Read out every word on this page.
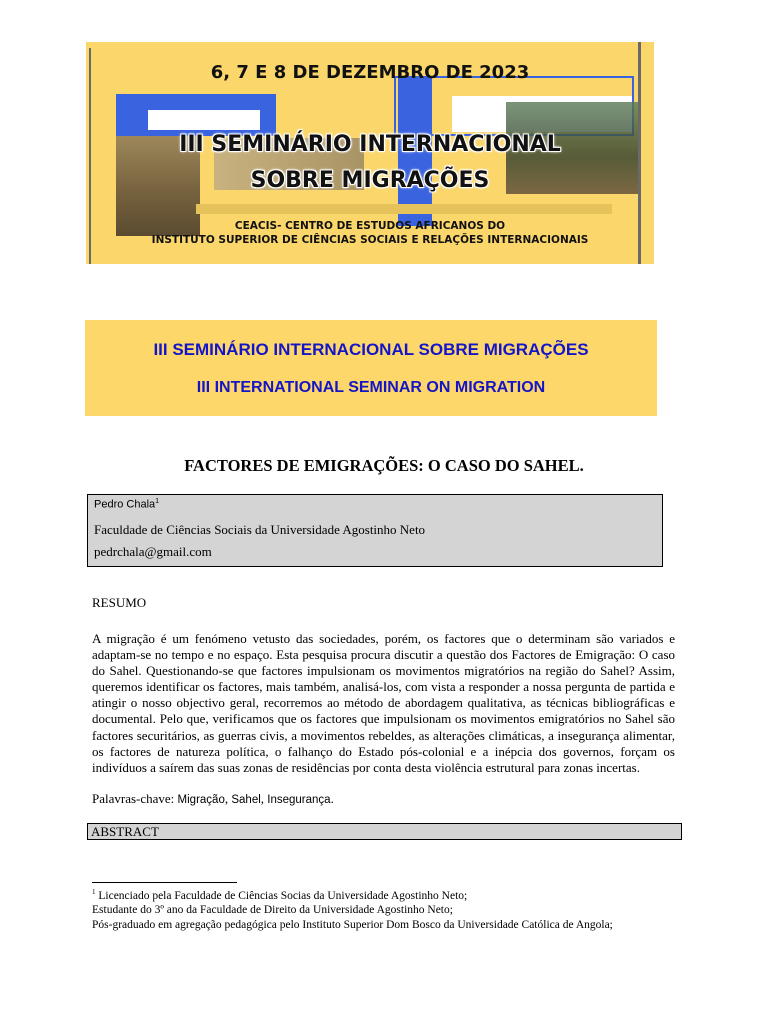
6, 7 E 8 DE DEZEMBRO DE 2023
III SEMINÁRIO INTERNACIONAL
SOBRE MIGRAÇÕES
CEACIS- CENTRO DE ESTUDOS AFRICANOS DO
INSTITUTO SUPERIOR DE CIÊNCIAS SOCIAIS E RELAÇÕES INTERNACIONAIS
III SEMINÁRIO INTERNACIONAL SOBRE MIGRAÇÕES
III INTERNATIONAL SEMINAR ON MIGRATION
FACTORES DE EMIGRAÇÕES: O CASO DO SAHEL.
Pedro Chala$^1$
Faculdade de Ciências Sociais da Universidade Agostinho Neto
pedrchala@gmail.com
RESUMO
A migração é um fenómeno vetusto das sociedades, porém, os factores que o determinam são variados e adaptam-se no tempo e no espaço. Esta pesquisa procura discutir a questão dos Factores de Emigração: O caso do Sahel. Questionando-se que factores impulsionam os movimentos migratórios na região do Sahel? Assim, queremos identificar os factores, mais também, analisá-los, com vista a responder a nossa pergunta de partida e atingir o nosso objectivo geral, recorremos ao método de abordagem qualitativa, as técnicas bibliográficas e documental. Pelo que, verificamos que os factores que impulsionam os movimentos emigratórios no Sahel são factores securitários, as guerras civis, a movimentos rebeldes, as alterações climáticas, a insegurança alimentar, os factores de natureza política, o falhanço do Estado pós-colonial e a inépcia dos governos, forçam os indivíduos a saírem das suas zonas de residências por conta desta violência estrutural para zonas incertas.
Palavras-chave: Migração, Sahel, Insegurança.
ABSTRACT
$^1$ Licenciado pela Faculdade de Ciências Socias da Universidade Agostinho Neto;
Estudante do 3º ano da Faculdade de Direito da Universidade Agostinho Neto;
Pós-graduado em agregação pedagógica pelo Instituto Superior Dom Bosco da Universidade Católica de Angola;
